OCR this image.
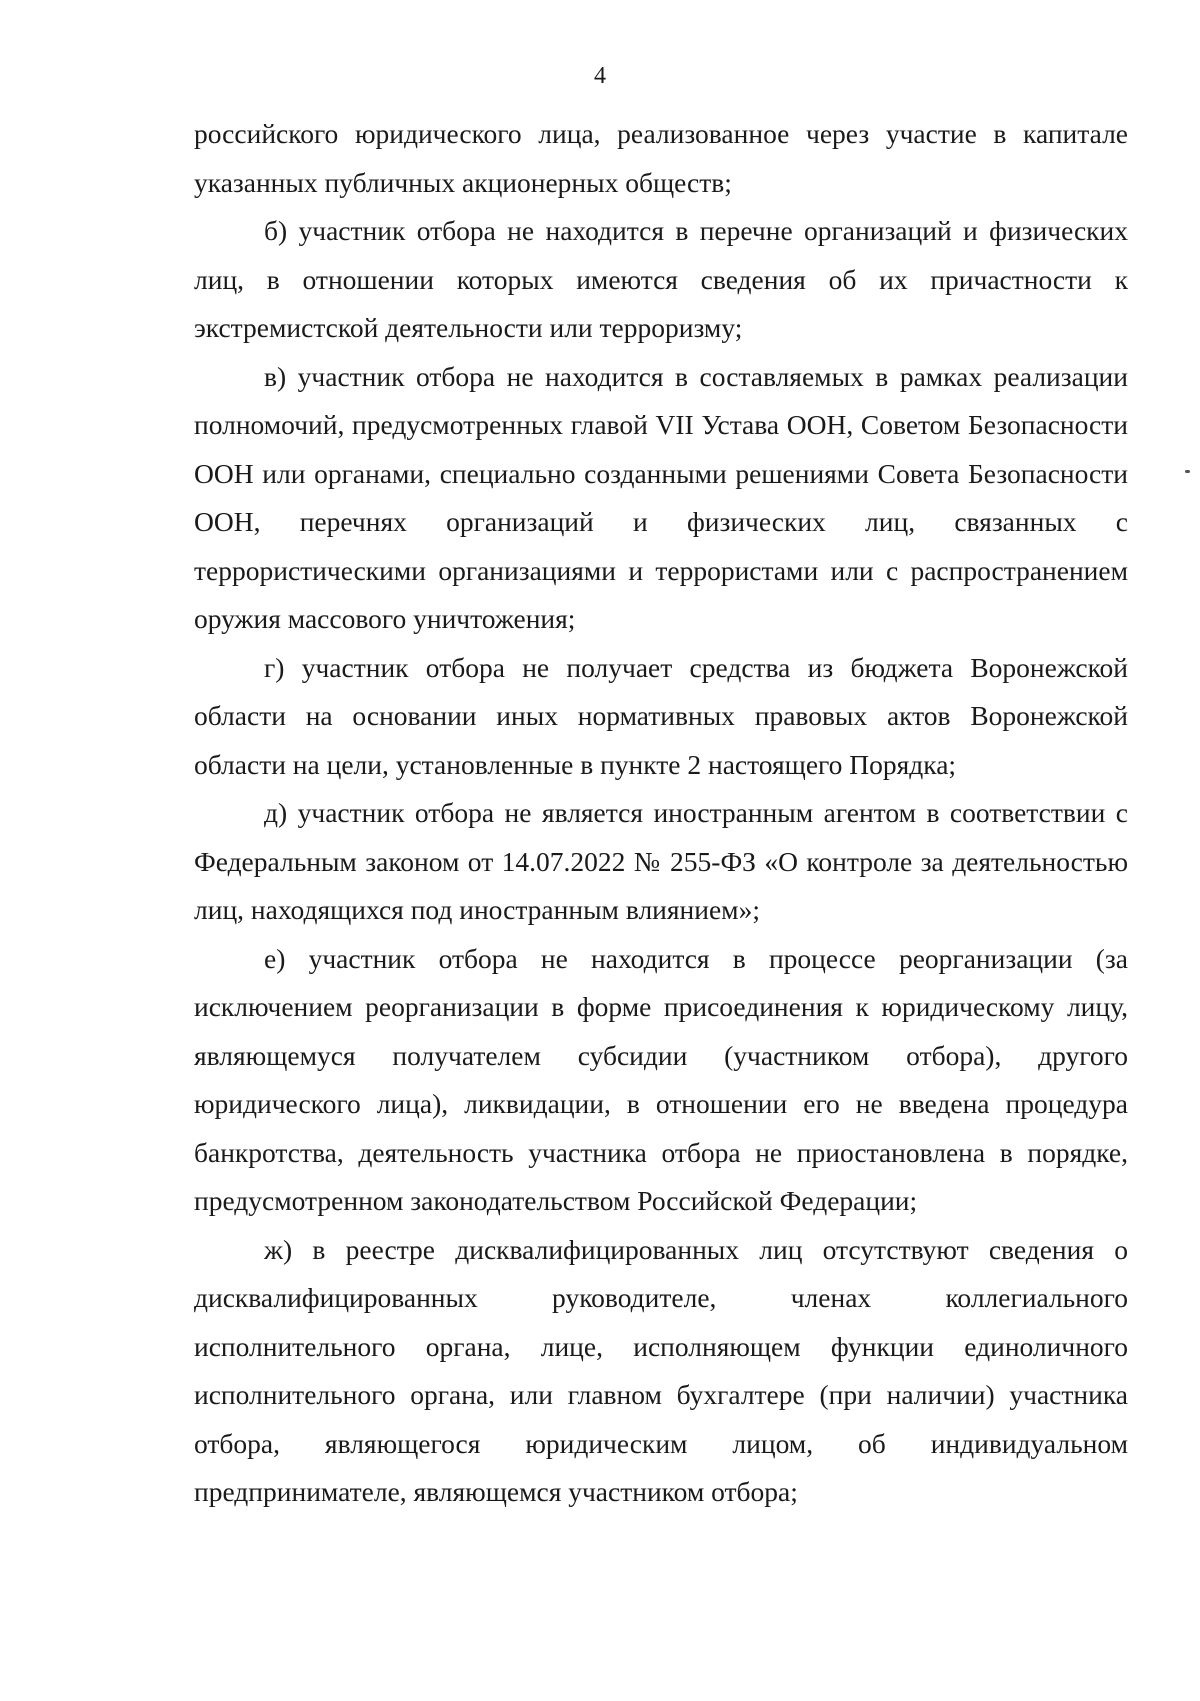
4

российского юридического лица, реализованное через участие в капитале указанных публичных акционерных обществ;

б) участник отбора не находится в перечне организаций и физических лиц, в отношении которых имеются сведения об их причастности к экстремистской деятельности или терроризму;

в) участник отбора не находится в составляемых в рамках реализации полномочий, предусмотренных главой VII Устава ООН, Советом Безопасности ООН или органами, специально созданными решениями Совета Безопасности ООН, перечнях организаций и физических лиц, связанных с террористическими организациями и террористами или с распространением оружия массового уничтожения;

г) участник отбора не получает средства из бюджета Воронежской области на основании иных нормативных правовых актов Воронежской области на цели, установленные в пункте 2 настоящего Порядка;

д) участник отбора не является иностранным агентом в соответствии с Федеральным законом от 14.07.2022 № 255-ФЗ «О контроле за деятельностью лиц, находящихся под иностранным влиянием»;

е) участник отбора не находится в процессе реорганизации (за исключением реорганизации в форме присоединения к юридическому лицу, являющемуся получателем субсидии (участником отбора), другого юридического лица), ликвидации, в отношении его не введена процедура банкротства, деятельность участника отбора не приостановлена в порядке, предусмотренном законодательством Российской Федерации;

ж) в реестре дисквалифицированных лиц отсутствуют сведения о дисквалифицированных руководителе, членах коллегиального исполнительного органа, лице, исполняющем функции единоличного исполнительного органа, или главном бухгалтере (при наличии) участника отбора, являющегося юридическим лицом, об индивидуальном предпринимателе, являющемся участником отбора;
